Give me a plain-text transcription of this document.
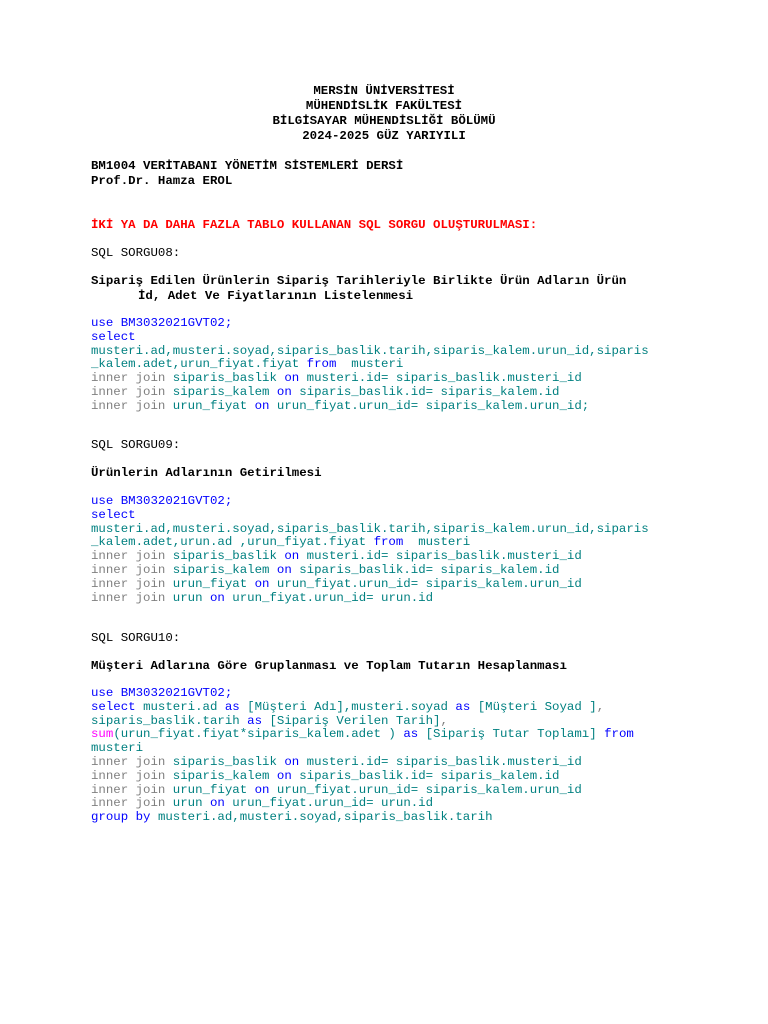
MERSİN ÜNİVERSİTESİ
MÜHENDİSLİK FAKÜLTESİ
BİLGİSAYAR MÜHENDİSLİĞİ BÖLÜMÜ
2024-2025 GÜZ YARIYILI
BM1004 VERİTABANI YÖNETİM SİSTEMLERİ DERSİ
Prof.Dr. Hamza EROL
İKİ YA DA DAHA FAZLA TABLO KULLANAN SQL SORGU OLUŞTURULMASI:
SQL SORGU08:
Sipariş Edilen Ürünlerin Sipariş Tarihleriyle Birlikte Ürün Adların Ürün
İd, Adet Ve Fiyatlarının Listelenmesi
use BM3032021GVT02;
select
musteri.ad,musteri.soyad,siparis_baslik.tarih,siparis_kalem.urun_id,siparis
_kalem.adet,urun_fiyat.fiyat from musteri
inner join siparis_baslik on musteri.id= siparis_baslik.musteri_id
inner join siparis_kalem on siparis_baslik.id= siparis_kalem.id
inner join urun_fiyat on urun_fiyat.urun_id= siparis_kalem.urun_id;
SQL SORGU09:
Ürünlerin Adlarının Getirilmesi
use BM3032021GVT02;
select
musteri.ad,musteri.soyad,siparis_baslik.tarih,siparis_kalem.urun_id,siparis
_kalem.adet,urun.ad ,urun_fiyat.fiyat from musteri
inner join siparis_baslik on musteri.id= siparis_baslik.musteri_id
inner join siparis_kalem on siparis_baslik.id= siparis_kalem.id
inner join urun_fiyat on urun_fiyat.urun_id= siparis_kalem.urun_id
inner join urun on urun_fiyat.urun_id= urun.id
SQL SORGU10:
Müşteri Adlarına Göre Gruplanması ve Toplam Tutarın Hesaplanması
use BM3032021GVT02;
select musteri.ad as [Müşteri Adı],musteri.soyad as [Müşteri Soyad ],
siparis_baslik.tarih as [Sipariş Verilen Tarih],
sum(urun_fiyat.fiyat*siparis_kalem.adet ) as [Sipariş Tutar Toplamı] from
musteri
inner join siparis_baslik on musteri.id= siparis_baslik.musteri_id
inner join siparis_kalem on siparis_baslik.id= siparis_kalem.id
inner join urun_fiyat on urun_fiyat.urun_id= siparis_kalem.urun_id
inner join urun on urun_fiyat.urun_id= urun.id
group by musteri.ad,musteri.soyad,siparis_baslik.tarih
